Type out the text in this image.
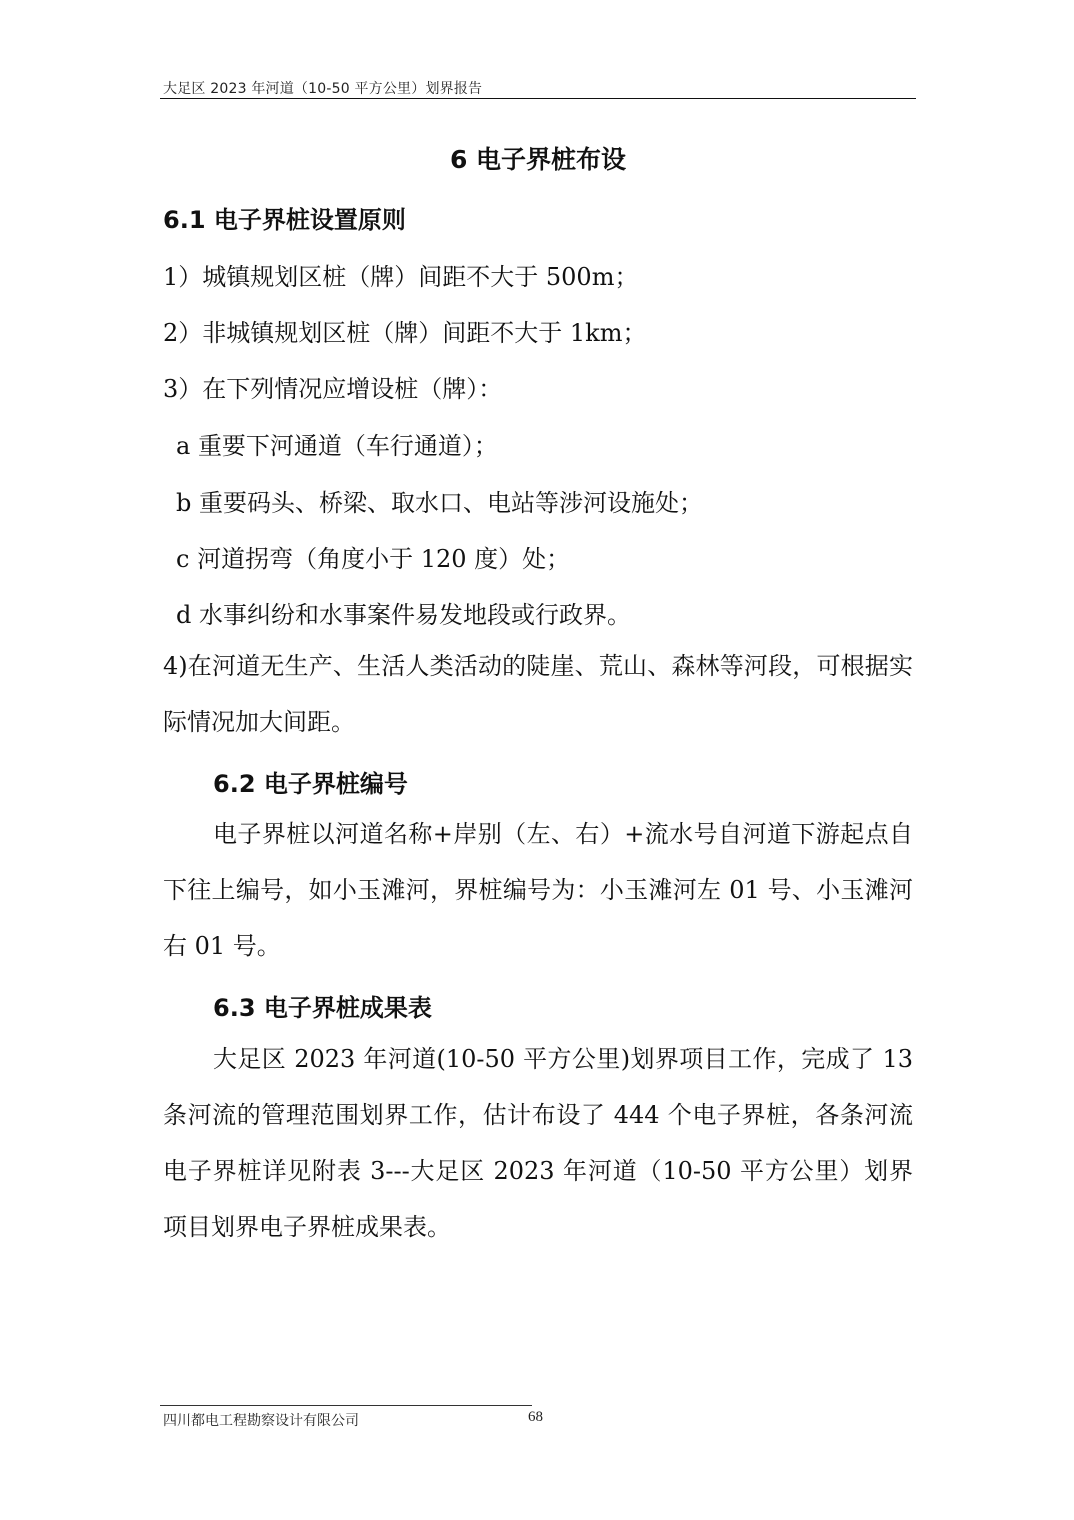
大足区 2023 年河道（10-50 平方公里）划界报告
6 电子界桩布设
6.1 电子界桩设置原则
1）城镇规划区桩（牌）间距不大于 500m；
2）非城镇规划区桩（牌）间距不大于 1km；
3）在下列情况应增设桩（牌）：
a 重要下河通道（车行通道）；
b 重要码头、桥梁、取水口、电站等涉河设施处；
c 河道拐弯（角度小于 120 度）处；
d 水事纠纷和水事案件易发地段或行政界。
4)在河道无生产、生活人类活动的陡崖、荒山、森林等河段，可根据实际情况加大间距。
6.2 电子界桩编号
电子界桩以河道名称+岸别（左、右）+流水号自河道下游起点自下往上编号，如小玉滩河，界桩编号为：小玉滩河左 01 号、小玉滩河右 01 号。
6.3 电子界桩成果表
大足区 2023 年河道(10-50 平方公里)划界项目工作，完成了 13 条河流的管理范围划界工作，估计布设了 444 个电子界桩，各条河流电子界桩详见附表 3---大足区 2023 年河道（10-50 平方公里）划界项目划界电子界桩成果表。
四川都电工程勘察设计有限公司	68
